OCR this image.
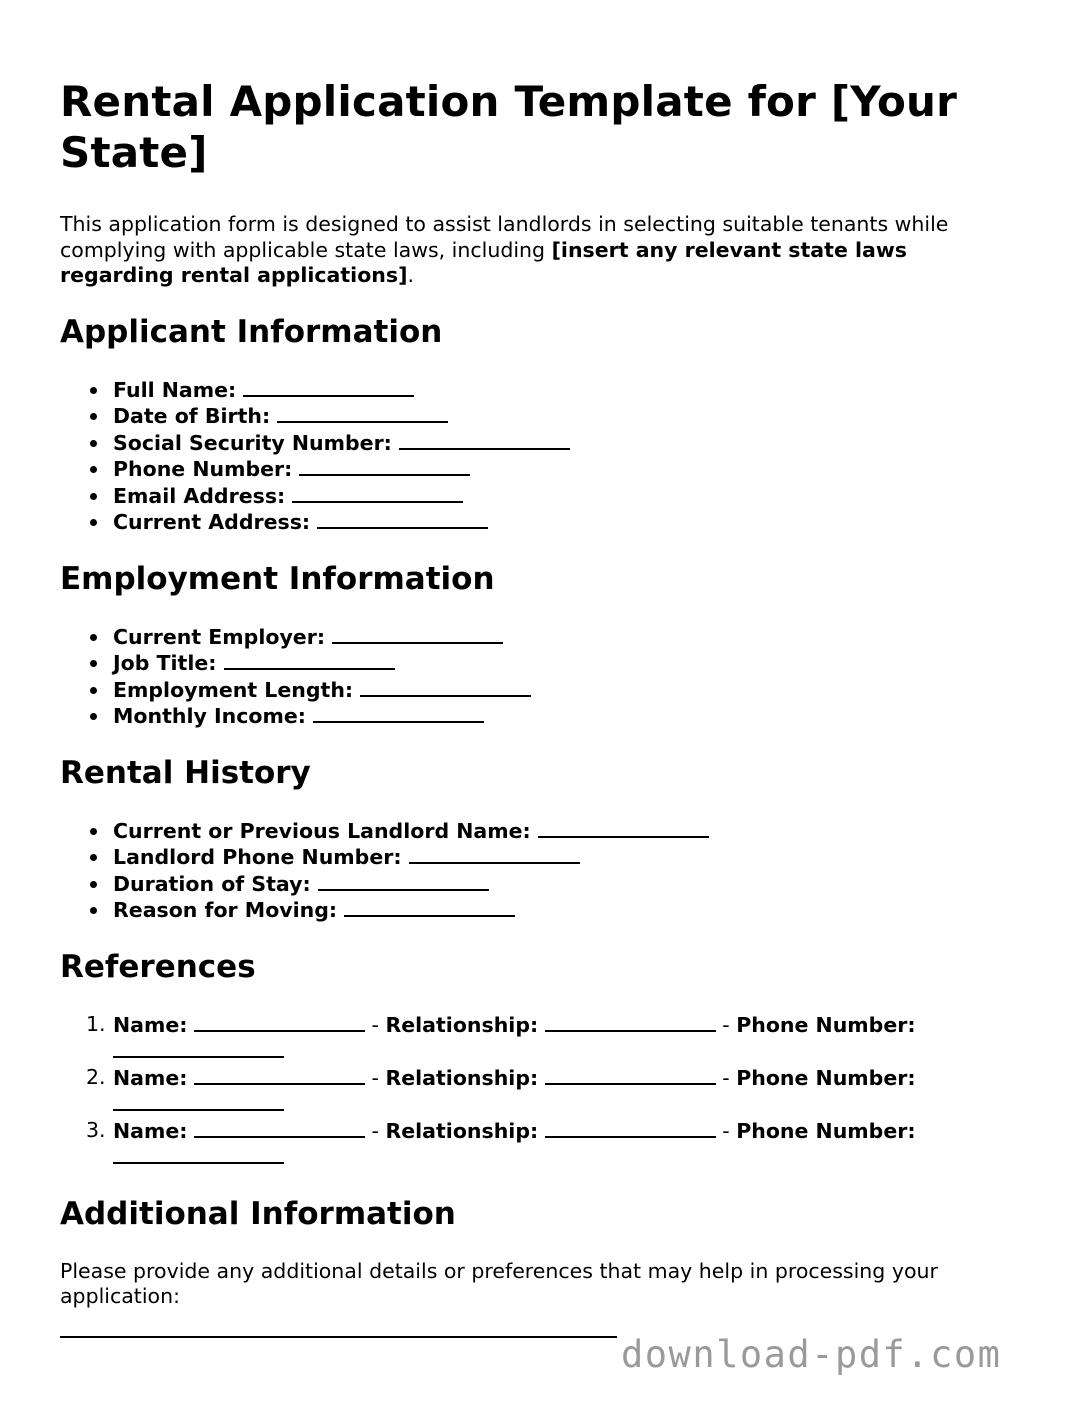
Rental Application Template for [Your State]

This application form is designed to assist landlords in selecting suitable tenants while complying with applicable state laws, including [insert any relevant state laws regarding rental applications].

Applicant Information
Full Name:
Date of Birth:
Social Security Number:
Phone Number:
Email Address:
Current Address:
Employment Information
Current Employer:
Job Title:
Employment Length:
Monthly Income:
Rental History
Current or Previous Landlord Name:
Landlord Phone Number:
Duration of Stay:
Reason for Moving:
References
1. Name:	- Relationship:	- Phone Number:
2. Name:	- Relationship:	- Phone Number:
3. Name:	- Relationship:	- Phone Number:
Additional Information

Please provide any additional details or preferences that may help in processing your application:

download-pdf.com
